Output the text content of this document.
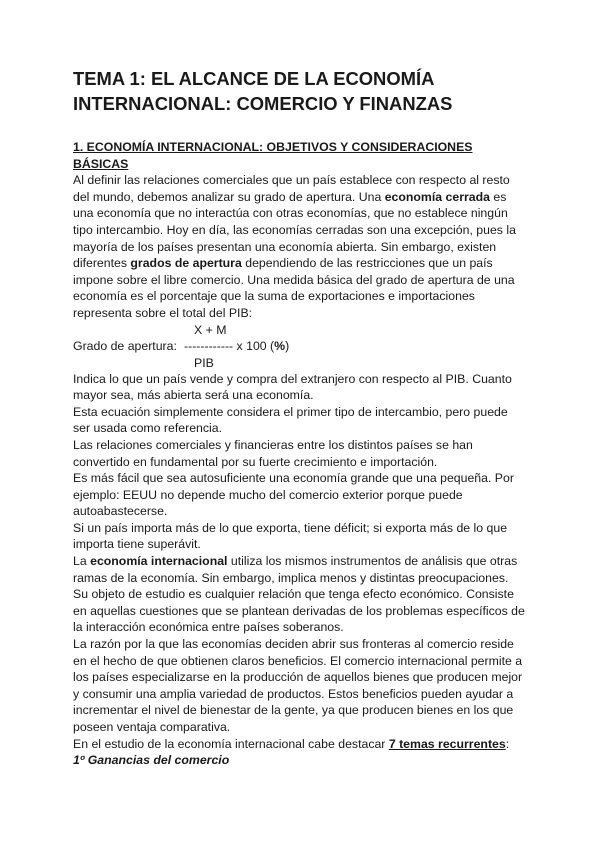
TEMA 1: EL ALCANCE DE LA ECONOMÍA
INTERNACIONAL: COMERCIO Y FINANZAS
1. ECONOMÍA INTERNACIONAL: OBJETIVOS Y CONSIDERACIONES BÁSICAS

Al definir las relaciones comerciales que un país establece con respecto al resto del mundo, debemos analizar su grado de apertura. Una economía cerrada es una economía que no interactúa con otras economías, que no establece ningún tipo intercambio. Hoy en día, las economías cerradas son una excepción, pues la mayoría de los países presentan una economía abierta. Sin embargo, existen diferentes grados de apertura dependiendo de las restricciones que un país impone sobre el libre comercio. Una medida básica del grado de apertura de una economía es el porcentaje que la suma de exportaciones e importaciones representa sobre el total del PIB:

X + M
Grado de apertura: ------------ x 100 (%)
PIB

Indica lo que un país vende y compra del extranjero con respecto al PIB. Cuanto mayor sea, más abierta será una economía.

Esta ecuación simplemente considera el primer tipo de intercambio, pero puede ser usada como referencia.

Las relaciones comerciales y financieras entre los distintos países se han convertido en fundamental por su fuerte crecimiento e importación.

Es más fácil que sea autosuficiente una economía grande que una pequeña. Por ejemplo: EEUU no depende mucho del comercio exterior porque puede autoabastecerse.

Si un país importa más de lo que exporta, tiene déficit; si exporta más de lo que importa tiene superávit.

La economía internacional utiliza los mismos instrumentos de análisis que otras ramas de la economía. Sin embargo, implica menos y distintas preocupaciones.

Su objeto de estudio es cualquier relación que tenga efecto económico. Consiste en aquellas cuestiones que se plantean derivadas de los problemas específicos de la interacción económica entre países soberanos.

La razón por la que las economías deciden abrir sus fronteras al comercio reside en el hecho de que obtienen claros beneficios. El comercio internacional permite a los países especializarse en la producción de aquellos bienes que producen mejor y consumir una amplia variedad de productos. Estos beneficios pueden ayudar a incrementar el nivel de bienestar de la gente, ya que producen bienes en los que poseen ventaja comparativa.

En el estudio de la economía internacional cabe destacar 7 temas recurrentes:

1º Ganancias del comercio
